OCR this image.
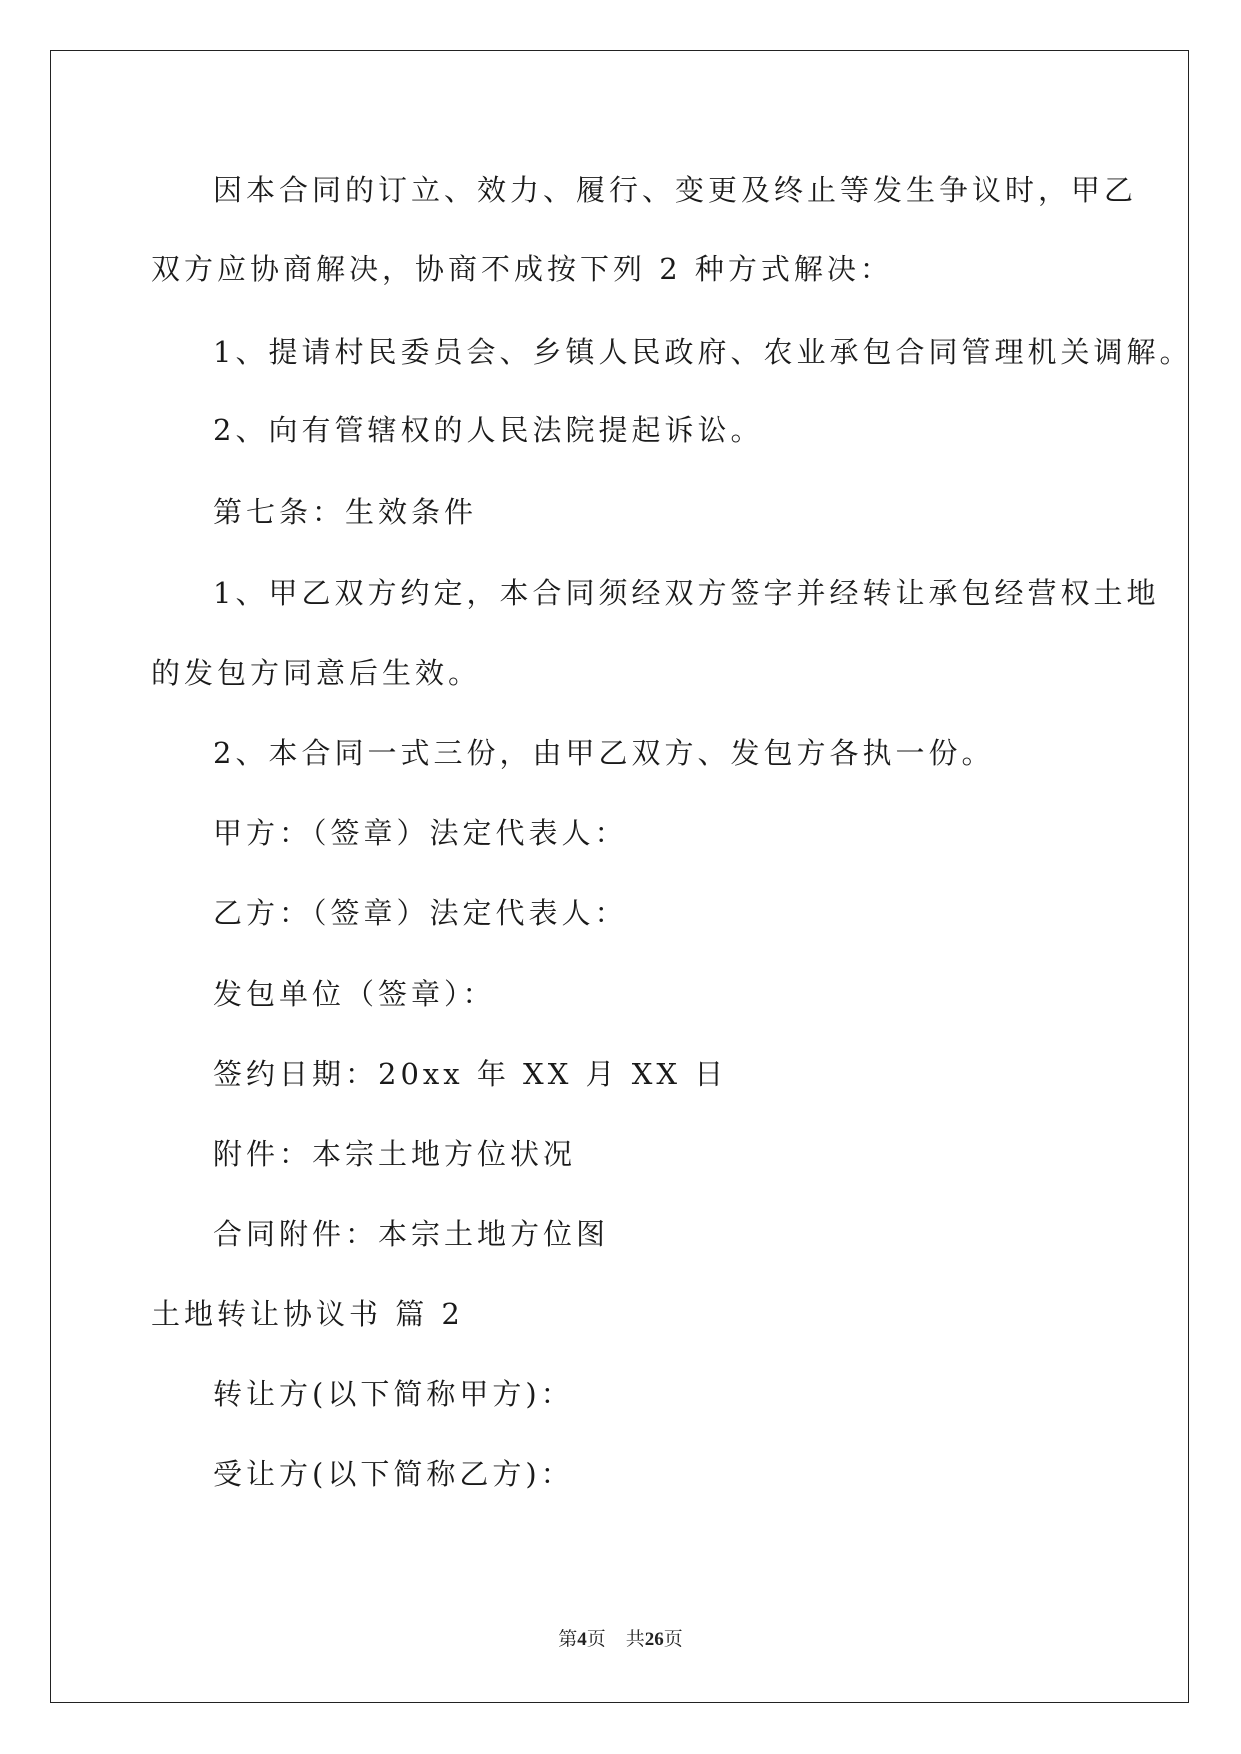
因本合同的订立、效力、履行、变更及终止等发生争议时，甲乙
双方应协商解决，协商不成按下列 2 种方式解决：
1、提请村民委员会、乡镇人民政府、农业承包合同管理机关调解。
2、向有管辖权的人民法院提起诉讼。
第七条：生效条件
1、甲乙双方约定，本合同须经双方签字并经转让承包经营权土地
的发包方同意后生效。
2、本合同一式三份，由甲乙双方、发包方各执一份。
甲方：（签章）法定代表人：
乙方：（签章）法定代表人：
发包单位（签章）：
签约日期：20xx 年 XX 月 XX 日
附件：本宗土地方位状况
合同附件：本宗土地方位图
土地转让协议书 篇 2
转让方(以下简称甲方)：
受让方(以下简称乙方)：
第4页 共26页
